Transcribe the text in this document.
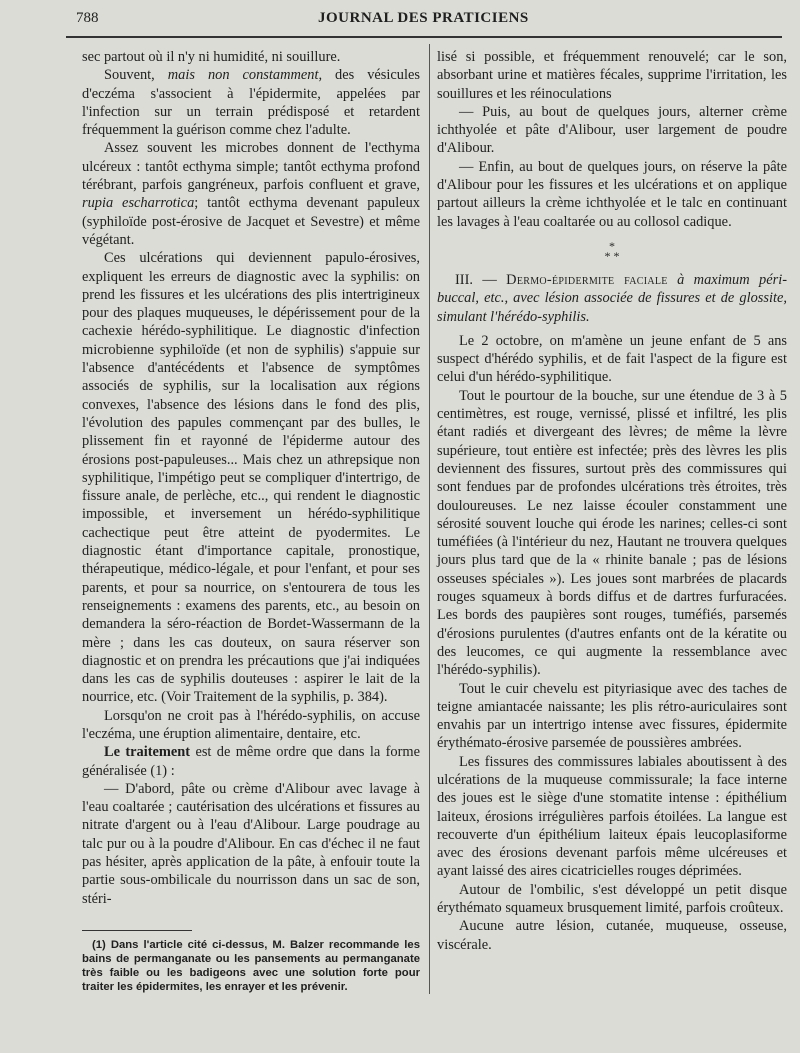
788	JOURNAL DES PRATICIENS

sec partout où il n'y ni humidité, ni souillure.

Souvent, mais non constamment, des vésicules d'eczéma s'associent à l'épidermite, appelées par l'infection sur un terrain prédisposé et retardent fréquemment la guérison comme chez l'adulte.

Assez souvent les microbes donnent de l'ecthyma ulcéreux : tantôt ecthyma simple; tantôt ecthyma profond térébrant, parfois gangréneux, parfois confluent et grave, rupia escharrotica; tantôt ecthyma devenant papuleux (syphiloïde post-érosive de Jacquet et Sevestre) et même végétant.

Ces ulcérations qui deviennent papulo-érosives, expliquent les erreurs de diagnostic avec la syphilis: on prend les fissures et les ulcérations des plis intertrigineux pour des plaques muqueuses, le dépérissement pour de la cachexie hérédo-syphilitique. Le diagnostic d'infection microbienne syphiloïde (et non de syphilis) s'appuie sur l'absence d'antécédents et l'absence de symptômes associés de syphilis, sur la localisation aux régions convexes, l'absence des lésions dans le fond des plis, l'évolution des papules commençant par des bulles, le plissement fin et rayonné de l'épiderme autour des érosions post-papuleuses... Mais chez un athrepsique non syphilitique, l'impétigo peut se compliquer d'intertrigo, de fissure anale, de perlèche, etc.., qui rendent le diagnostic impossible, et inversement un hérédo-syphilitique cachectique peut être atteint de pyodermites. Le diagnostic étant d'importance capitale, pronostique, thérapeutique, médico-légale, et pour l'enfant, et pour ses parents, et pour sa nourrice, on s'entourera de tous les renseignements : examens des parents, etc., au besoin on demandera la séro-réaction de Bordet-Wassermann de la mère ; dans les cas douteux, on saura réserver son diagnostic et on prendra les précautions que j'ai indiquées dans les cas de syphilis douteuses : aspirer le lait de la nourrice, etc. (Voir Traitement de la syphilis, p. 384).

Lorsqu'on ne croit pas à l'hérédo-syphilis, on accuse l'eczéma, une éruption alimentaire, dentaire, etc.

Le traitement est de même ordre que dans la forme généralisée (1) :

— D'abord, pâte ou crème d'Alibour avec lavage à l'eau coaltarée ; cautérisation des ulcérations et fissures au nitrate d'argent ou à l'eau d'Alibour. Large poudrage au talc pur ou à la poudre d'Alibour. En cas d'échec il ne faut pas hésiter, après application de la pâte, à enfouir toute la partie sous-ombilicale du nourrisson dans un sac de son, stéri-

(1) Dans l'article cité ci-dessus, M. Balzer recommande les bains de permanganate ou les pansements au permanganate très faible ou les badigeons avec une solution forte pour traiter les épidermites, les enrayer et les prévenir.

lisé si possible, et fréquemment renouvelé; car le son, absorbant urine et matières fécales, supprime l'irritation, les souillures et les réinoculations

— Puis, au bout de quelques jours, alterner crème ichthyolée et pâte d'Alibour, user largement de poudre d'Alibour.

— Enfin, au bout de quelques jours, on réserve la pâte d'Alibour pour les fissures et les ulcérations et on applique partout ailleurs la crème ichthyolée et le talc en continuant les lavages à l'eau coaltarée ou au collosol cadique.

*
* *

III. — Dermo-épidermite faciale à maximum péri-buccal, etc., avec lésion associée de fissures et de glossite, simulant l'hérédo-syphilis.

Le 2 octobre, on m'amène un jeune enfant de 5 ans suspect d'hérédo syphilis, et de fait l'aspect de la figure est celui d'un hérédo-syphilitique.

Tout le pourtour de la bouche, sur une étendue de 3 à 5 centimètres, est rouge, vernissé, plissé et infiltré, les plis étant radiés et divergeant des lèvres; de même la lèvre supérieure, tout entière est infectée; près des lèvres les plis deviennent des fissures, surtout près des commissures qui sont fendues par de profondes ulcérations très étroites, très douloureuses. Le nez laisse écouler constamment une sérosité souvent louche qui érode les narines; celles-ci sont tuméfiées (à l'intérieur du nez, Hautant ne trouvera quelques jours plus tard que de la « rhinite banale ; pas de lésions osseuses spéciales »). Les joues sont marbrées de placards rouges squameux à bords diffus et de dartres furfuracées. Les bords des paupières sont rouges, tuméfiés, parsemés d'érosions purulentes (d'autres enfants ont de la kératite ou des leucomes, ce qui augmente la ressemblance avec l'hérédo-syphilis).

Tout le cuir chevelu est pityriasique avec des taches de teigne amiantacée naissante; les plis rétro-auriculaires sont envahis par un intertrigo intense avec fissures, épidermite érythémato-érosive parsemée de poussières ambrées.

Les fissures des commissures labiales aboutissent à des ulcérations de la muqueuse commissurale; la face interne des joues est le siège d'une stomatite intense : épithélium laiteux, érosions irrégulières parfois étoilées. La langue est recouverte d'un épithélium laiteux épais leucoplasiforme avec des érosions devenant parfois même ulcéreuses et ayant laissé des aires cicatricielles rouges déprimées.

Autour de l'ombilic, s'est développé un petit disque érythémato squameux brusquement limité, parfois croûteux.

Aucune autre lésion, cutanée, muqueuse, osseuse, viscérale.
